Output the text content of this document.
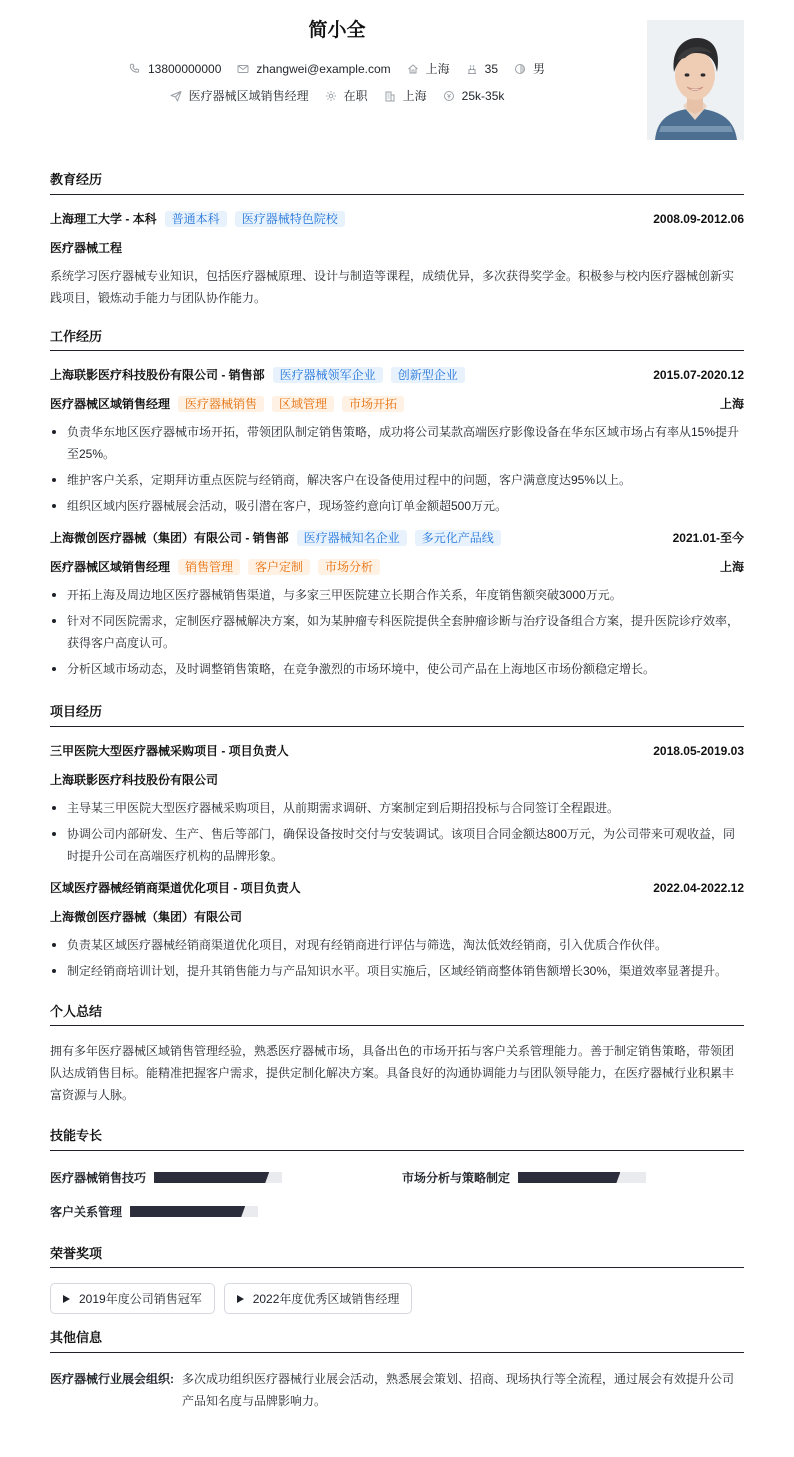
简小全
13800000000	zhangwei@example.com	上海	35	男
医疗器械区域销售经理	在职	上海	25k-35k
教育经历
上海理工大学 - 本科	普通本科	医疗器械特色院校	2008.09-2012.06
医疗器械工程
系统学习医疗器械专业知识，包括医疗器械原理、设计与制造等课程，成绩优异，多次获得奖学金。积极参与校内医疗器械创新实践项目，锻炼动手能力与团队协作能力。
工作经历
上海联影医疗科技股份有限公司 - 销售部	医疗器械领军企业	创新型企业	2015.07-2020.12
医疗器械区域销售经理	医疗器械销售	区域管理	市场开拓	上海
负责华东地区医疗器械市场开拓，带领团队制定销售策略，成功将公司某款高端医疗影像设备在华东区域市场占有率从15%提升至25%。
维护客户关系，定期拜访重点医院与经销商，解决客户在设备使用过程中的问题，客户满意度达95%以上。
组织区域内医疗器械展会活动，吸引潜在客户，现场签约意向订单金额超500万元。
上海微创医疗器械（集团）有限公司 - 销售部	医疗器械知名企业	多元化产品线	2021.01-至今
医疗器械区域销售经理	销售管理	客户定制	市场分析	上海
开拓上海及周边地区医疗器械销售渠道，与多家三甲医院建立长期合作关系，年度销售额突破3000万元。
针对不同医院需求，定制医疗器械解决方案，如为某肿瘤专科医院提供全套肿瘤诊断与治疗设备组合方案，提升医院诊疗效率，获得客户高度认可。
分析区域市场动态，及时调整销售策略，在竞争激烈的市场环境中，使公司产品在上海地区市场份额稳定增长。
项目经历
三甲医院大型医疗器械采购项目 - 项目负责人	2018.05-2019.03
上海联影医疗科技股份有限公司
主导某三甲医院大型医疗器械采购项目，从前期需求调研、方案制定到后期招投标与合同签订全程跟进。
协调公司内部研发、生产、售后等部门，确保设备按时交付与安装调试。该项目合同金额达800万元，为公司带来可观收益，同时提升公司在高端医疗机构的品牌形象。
区域医疗器械经销商渠道优化项目 - 项目负责人	2022.04-2022.12
上海微创医疗器械（集团）有限公司
负责某区域医疗器械经销商渠道优化项目，对现有经销商进行评估与筛选，淘汰低效经销商，引入优质合作伙伴。
制定经销商培训计划，提升其销售能力与产品知识水平。项目实施后，区域经销商整体销售额增长30%，渠道效率显著提升。
个人总结
拥有多年医疗器械区域销售管理经验，熟悉医疗器械市场，具备出色的市场开拓与客户关系管理能力。善于制定销售策略，带领团队达成销售目标。能精准把握客户需求，提供定制化解决方案。具备良好的沟通协调能力与团队领导能力，在医疗器械行业积累丰富资源与人脉。
技能专长
医疗器械销售技巧	市场分析与策略制定
客户关系管理
荣誉奖项
2019年度公司销售冠军	2022年度优秀区域销售经理
其他信息
医疗器械行业展会组织: 多次成功组织医疗器械行业展会活动，熟悉展会策划、招商、现场执行等全流程，通过展会有效提升公司产品知名度与品牌影响力。
